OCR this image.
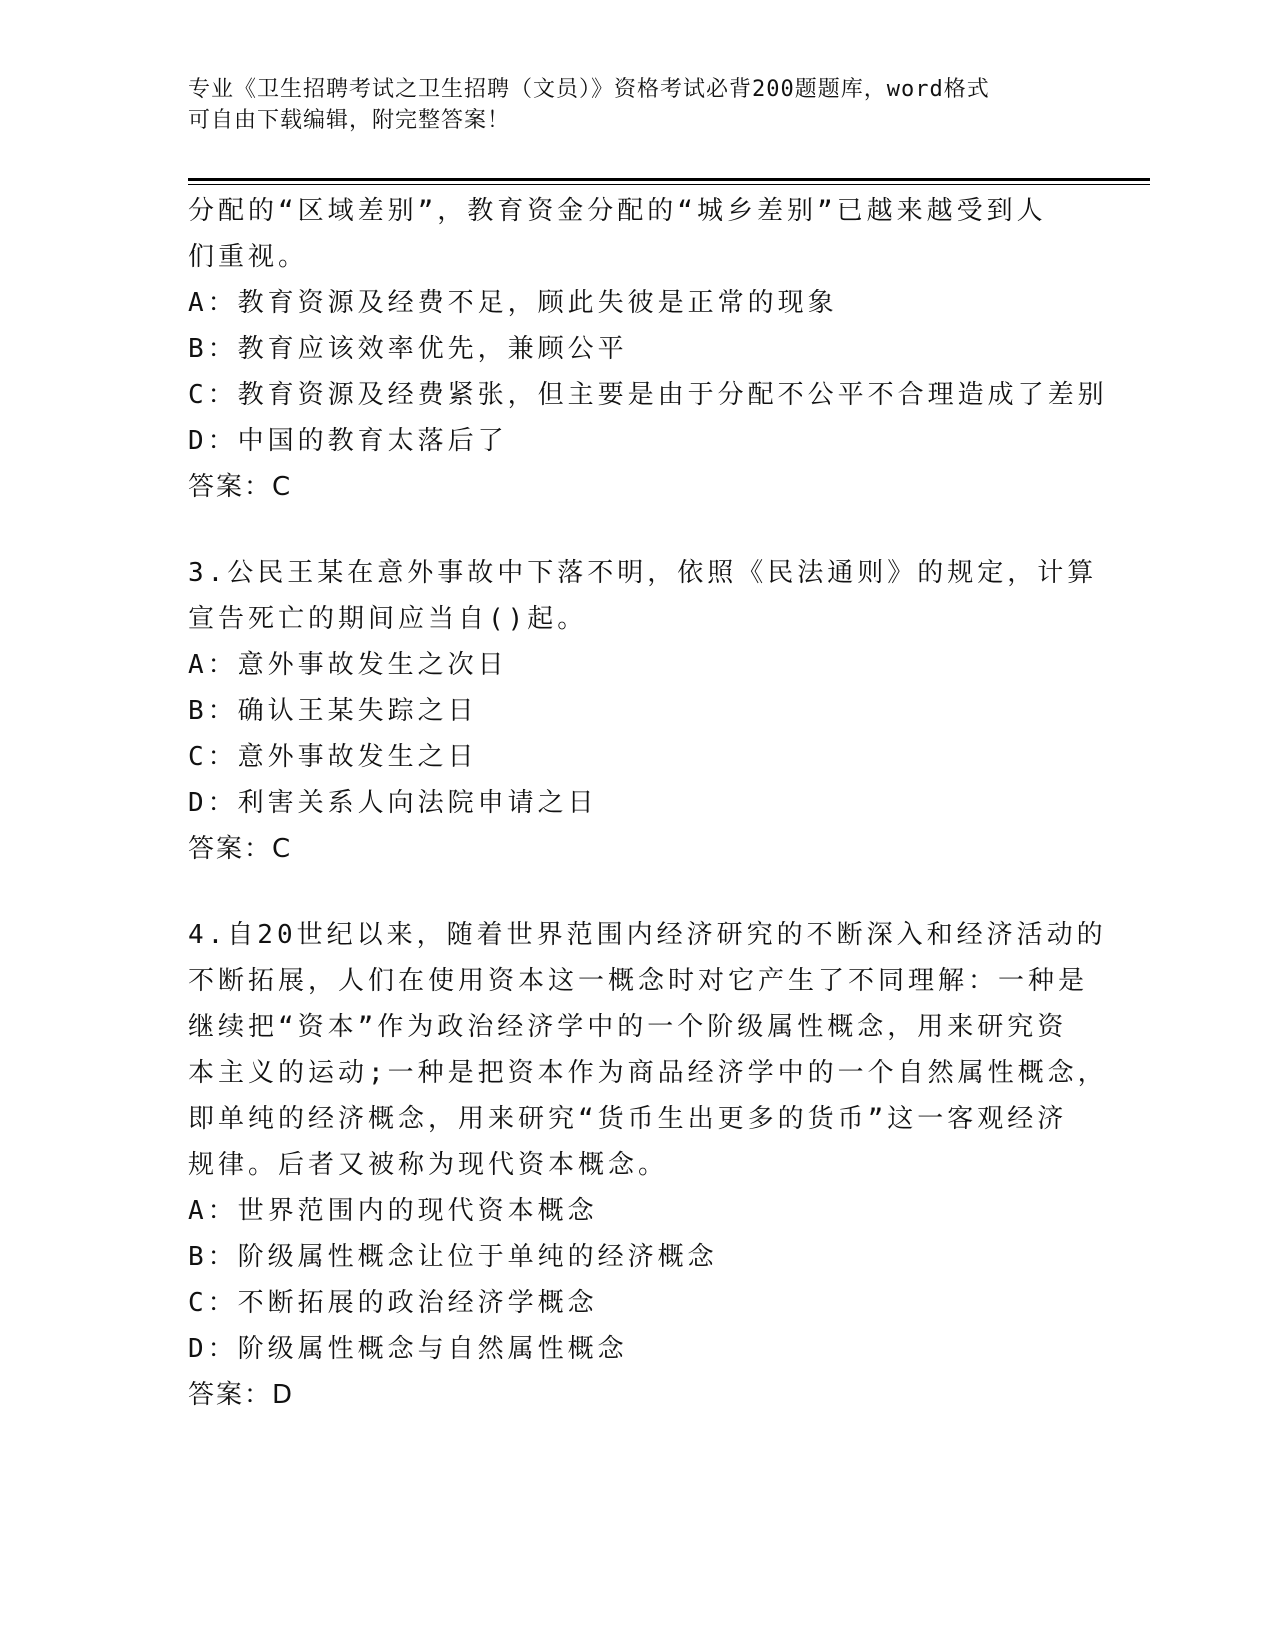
专业《卫生招聘考试之卫生招聘（文员）》资格考试必背200题题库，word格式
可自由下载编辑，附完整答案！
分配的“区域差别”，教育资金分配的“城乡差别”已越来越受到人
们重视。
A：教育资源及经费不足，顾此失彼是正常的现象
B：教育应该效率优先，兼顾公平
C：教育资源及经费紧张，但主要是由于分配不公平不合理造成了差别
D：中国的教育太落后了
答案：C
3.公民王某在意外事故中下落不明，依照《民法通则》的规定，计算
宣告死亡的期间应当自()起。
A：意外事故发生之次日
B：确认王某失踪之日
C：意外事故发生之日
D：利害关系人向法院申请之日
答案：C
4.自20世纪以来，随着世界范围内经济研究的不断深入和经济活动的
不断拓展，人们在使用资本这一概念时对它产生了不同理解：一种是
继续把“资本”作为政治经济学中的一个阶级属性概念，用来研究资
本主义的运动;一种是把资本作为商品经济学中的一个自然属性概念，
即单纯的经济概念，用来研究“货币生出更多的货币”这一客观经济
规律。后者又被称为现代资本概念。
A：世界范围内的现代资本概念
B：阶级属性概念让位于单纯的经济概念
C：不断拓展的政治经济学概念
D：阶级属性概念与自然属性概念
答案：D
